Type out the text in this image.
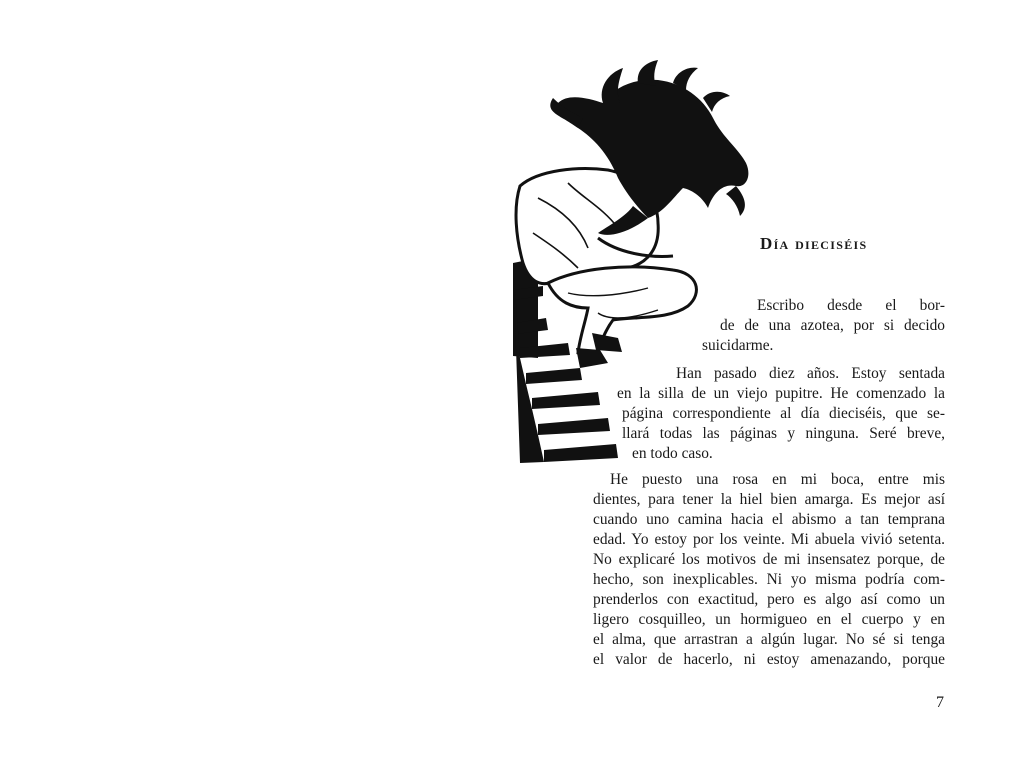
Día dieciséis
Escribo desde el bor-
de de una azotea, por si decido
suicidarme.
Han pasado diez años. Estoy sentada
en la silla de un viejo pupitre. He comenzado la
página correspondiente al día dieciséis, que se-
llará todas las páginas y ninguna. Seré breve,
en todo caso.
He puesto una rosa en mi boca, entre mis
dientes, para tener la hiel bien amarga. Es mejor así
cuando uno camina hacia el abismo a tan temprana
edad. Yo estoy por los veinte. Mi abuela vivió setenta.
No explicaré los motivos de mi insensatez porque, de
hecho, son inexplicables. Ni yo misma podría com-
prenderlos con exactitud, pero es algo así como un
ligero cosquilleo, un hormigueo en el cuerpo y en
el alma, que arrastran a algún lugar. No sé si tenga
el valor de hacerlo, ni estoy amenazando, porque
7
